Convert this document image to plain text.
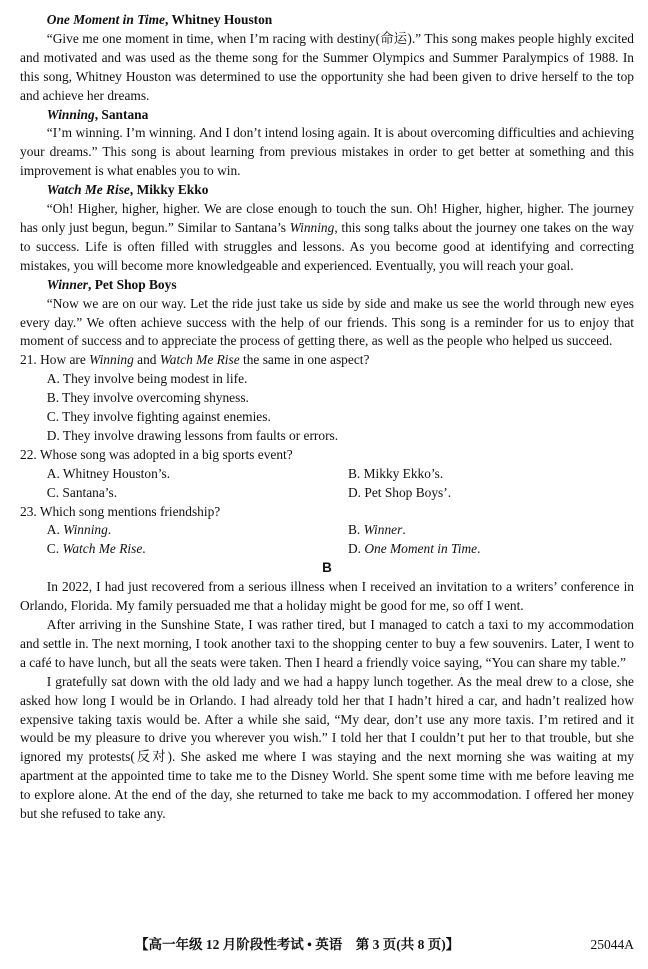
One Moment in Time, Whitney Houston

“Give me one moment in time, when I’m racing with destiny(命运).” This song makes people highly excited and motivated and was used as the theme song for the Summer Olympics and Summer Paralympics of 1988. In this song, Whitney Houston was determined to use the opportunity she had been given to drive herself to the top and achieve her dreams.

Winning, Santana

“I’m winning. I’m winning. And I don’t intend losing again. It is about overcoming difficulties and achieving your dreams.” This song is about learning from previous mistakes in order to get better at something and this improvement is what enables you to win.

Watch Me Rise, Mikky Ekko

“Oh! Higher, higher, higher. We are close enough to touch the sun. Oh! Higher, higher, higher. The journey has only just begun, begun.” Similar to Santana’s Winning, this song talks about the journey one takes on the way to success. Life is often filled with struggles and lessons. As you become good at identifying and correcting mistakes, you will become more knowledgeable and experienced. Eventually, you will reach your goal.

Winner, Pet Shop Boys

“Now we are on our way. Let the ride just take us side by side and make us see the world through new eyes every day.” We often achieve success with the help of our friends. This song is a reminder for us to enjoy that moment of success and to appreciate the process of getting there, as well as the people who helped us succeed.

21. How are Winning and Watch Me Rise the same in one aspect?

A. They involve being modest in life.

B. They involve overcoming shyness.

C. They involve fighting against enemies.

D. They involve drawing lessons from faults or errors.

22. Whose song was adopted in a big sports event?

A. Whitney Houston’s.	B. Mikky Ekko’s.
C. Santana’s.	D. Pet Shop Boys’.

23. Which song mentions friendship?

A. Winning.	B. Winner.
C. Watch Me Rise.	D. One Moment in Time.

B

In 2022, I had just recovered from a serious illness when I received an invitation to a writers’ conference in Orlando, Florida. My family persuaded me that a holiday might be good for me, so off I went.

After arriving in the Sunshine State, I was rather tired, but I managed to catch a taxi to my accommodation and settle in. The next morning, I took another taxi to the shopping center to buy a few souvenirs. Later, I went to a café to have lunch, but all the seats were taken. Then I heard a friendly voice saying, “You can share my table.”

I gratefully sat down with the old lady and we had a happy lunch together. As the meal drew to a close, she asked how long I would be in Orlando. I had already told her that I hadn’t hired a car, and hadn’t realized how expensive taking taxis would be. After a while she said, “My dear, don’t use any more taxis. I’m retired and it would be my pleasure to drive you wherever you wish.” I told her that I couldn’t put her to that trouble, but she ignored my protests(反对). She asked me where I was staying and the next morning she was waiting at my apartment at the appointed time to take me to the Disney World. She spent some time with me before leaving me to explore alone. At the end of the day, she returned to take me back to my accommodation. I offered her money but she refused to take any.

【高一年级 12 月阶段性考试 • 英语　第 3 页(共 8 页)】	25044A
